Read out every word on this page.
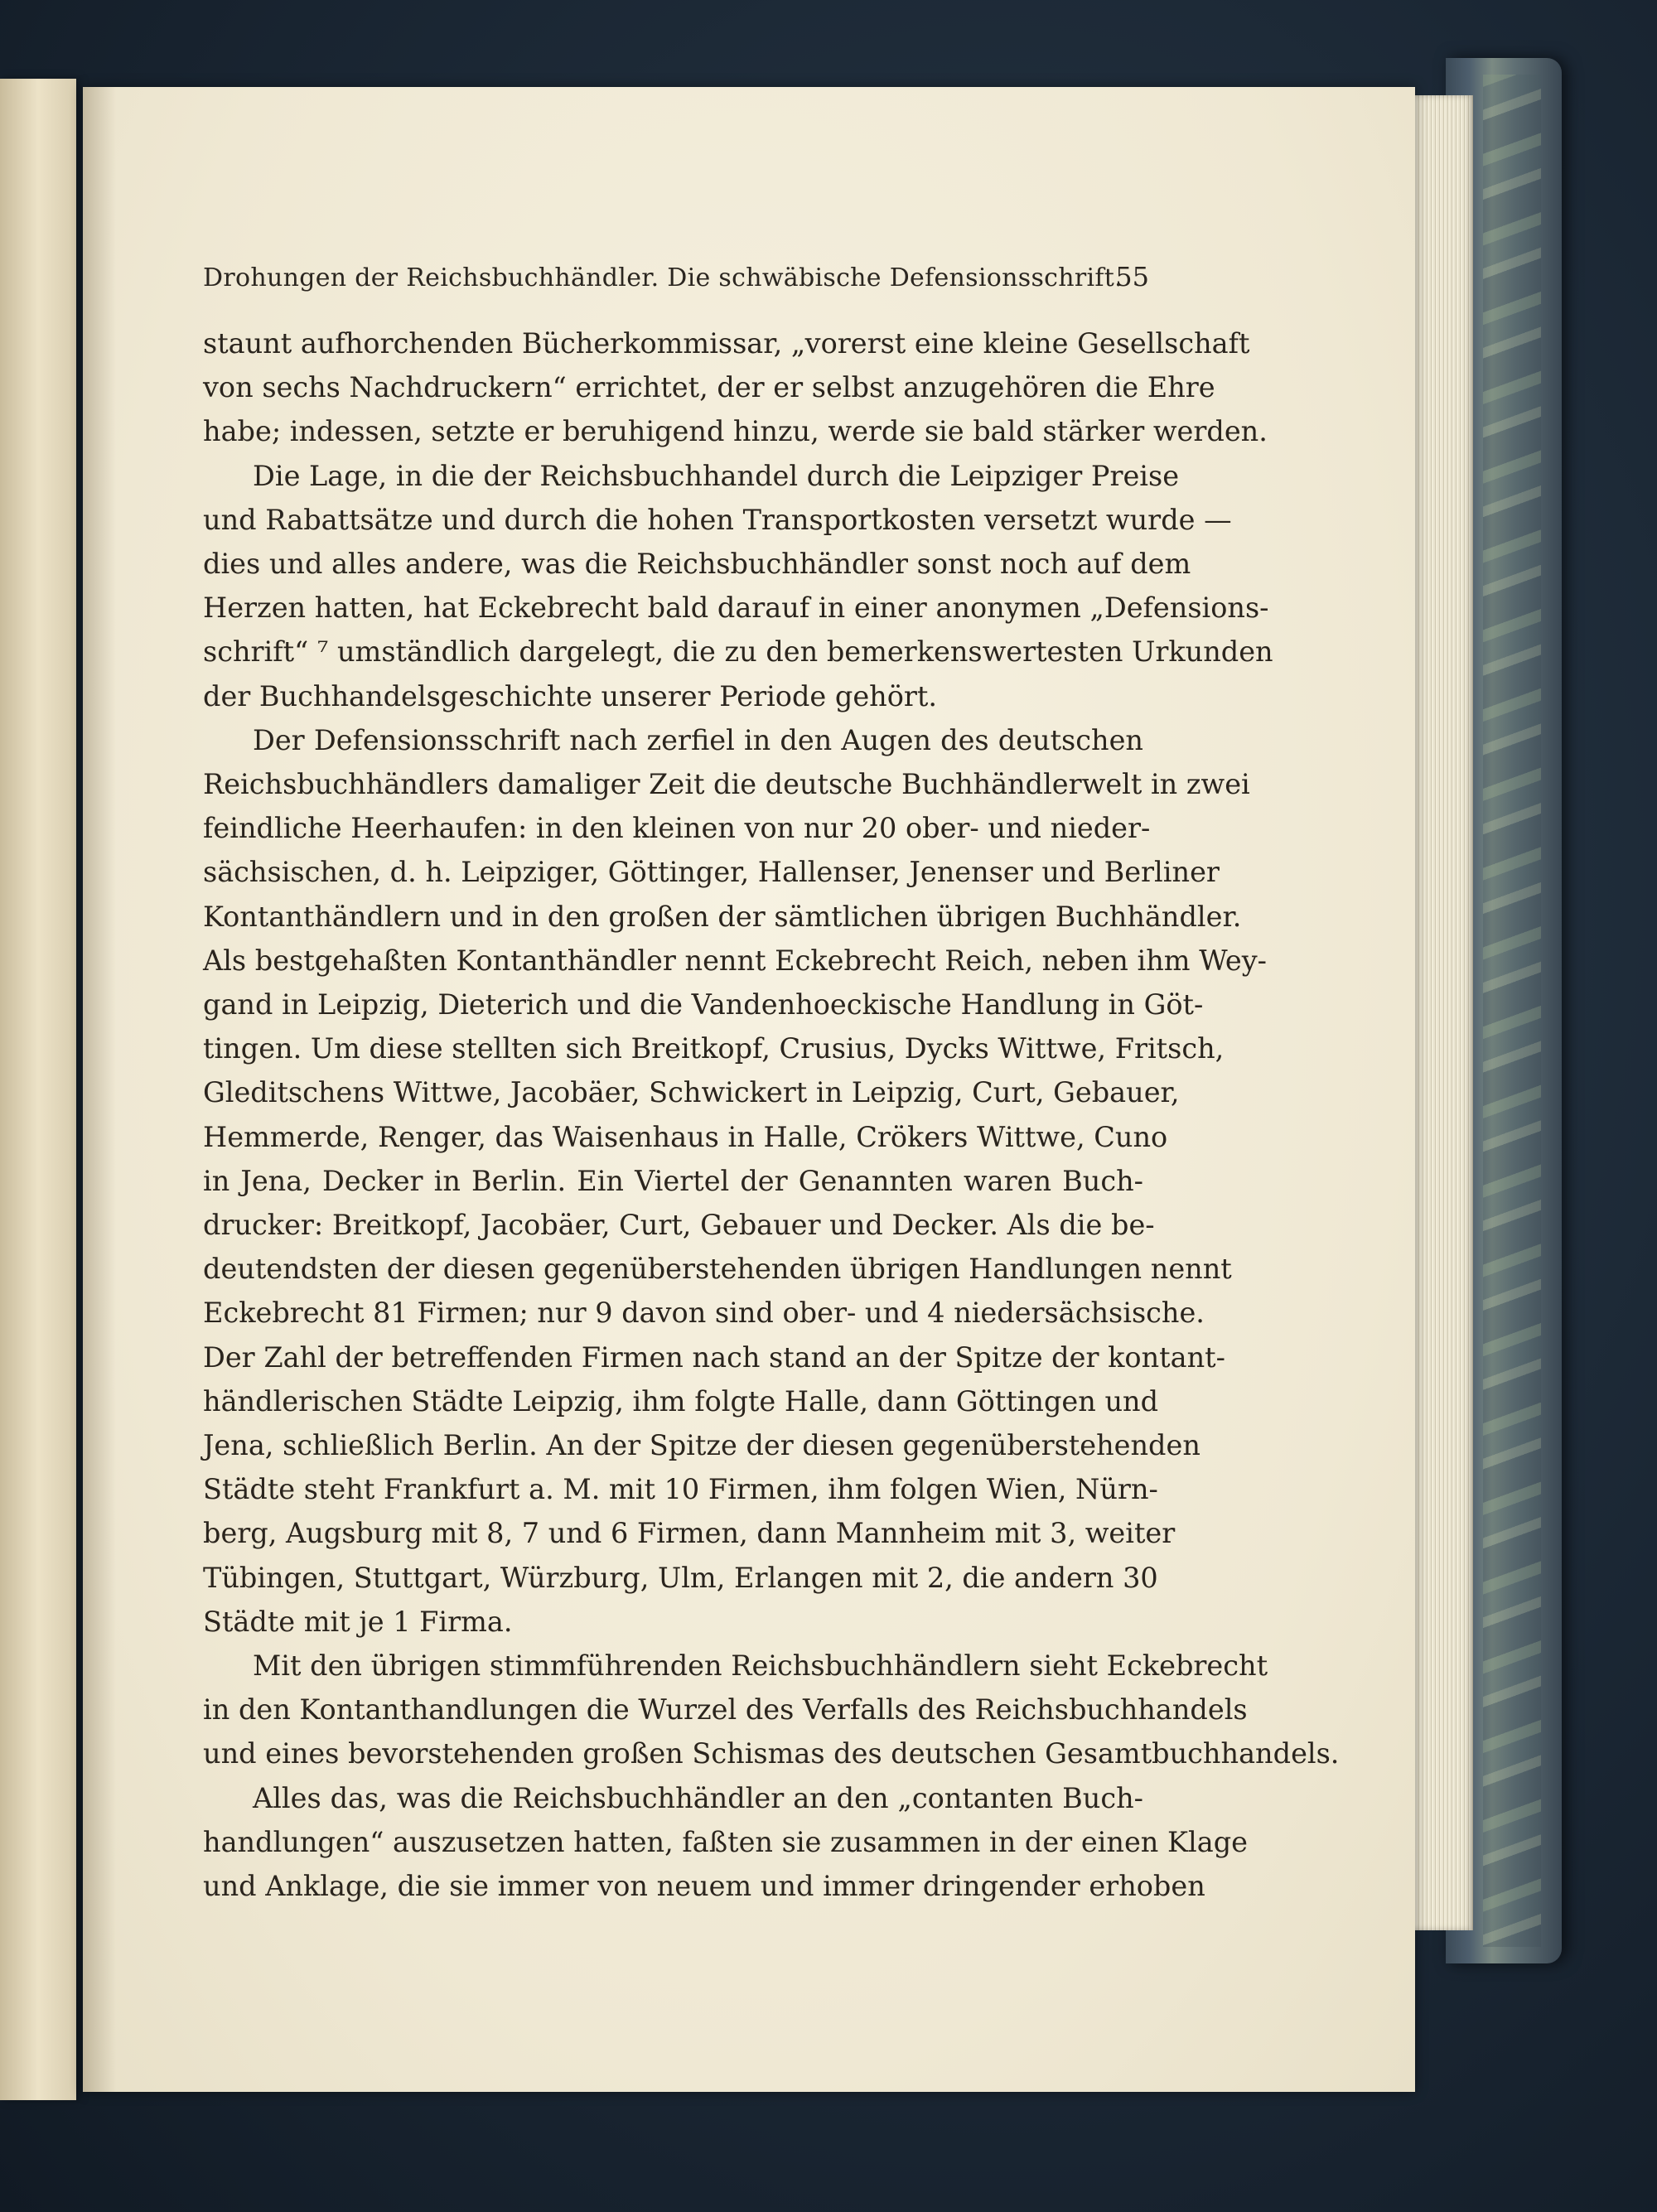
Drohungen der Reichsbuchhändler. Die schwäbische Defensionsschrift.
55
staunt aufhorchenden Bücherkommissar, „vorerst eine kleine Gesellschaft
von sechs Nachdruckern“ errichtet, der er selbst anzugehören die Ehre
habe; indessen, setzte er beruhigend hinzu, werde sie bald stärker werden.
Die Lage, in die der Reichsbuchhandel durch die Leipziger Preise
und Rabattsätze und durch die hohen Transportkosten versetzt wurde —
dies und alles andere, was die Reichsbuchhändler sonst noch auf dem
Herzen hatten, hat Eckebrecht bald darauf in einer anonymen „Defensions-
schrift“ ⁷ umständlich dargelegt, die zu den bemerkenswertesten Urkunden
der Buchhandelsgeschichte unserer Periode gehört.
Der Defensionsschrift nach zerfiel in den Augen des deutschen
Reichsbuchhändlers damaliger Zeit die deutsche Buchhändlerwelt in zwei
feindliche Heerhaufen: in den kleinen von nur 20 ober- und nieder-
sächsischen, d. h. Leipziger, Göttinger, Hallenser, Jenenser und Berliner
Kontanthändlern und in den großen der sämtlichen übrigen Buchhändler.
Als bestgehaßten Kontanthändler nennt Eckebrecht Reich, neben ihm Wey-
gand in Leipzig, Dieterich und die Vandenhoeckische Handlung in Göt-
tingen. Um diese stellten sich Breitkopf, Crusius, Dycks Wittwe, Fritsch,
Gleditschens Wittwe, Jacobäer, Schwickert in Leipzig, Curt, Gebauer,
Hemmerde, Renger, das Waisenhaus in Halle, Crökers Wittwe, Cuno
in Jena, Decker in Berlin. Ein Viertel der Genannten waren Buch-
drucker: Breitkopf, Jacobäer, Curt, Gebauer und Decker. Als die be-
deutendsten der diesen gegenüberstehenden übrigen Handlungen nennt
Eckebrecht 81 Firmen; nur 9 davon sind ober- und 4 niedersächsische.
Der Zahl der betreffenden Firmen nach stand an der Spitze der kontant-
händlerischen Städte Leipzig, ihm folgte Halle, dann Göttingen und
Jena, schließlich Berlin. An der Spitze der diesen gegenüberstehenden
Städte steht Frankfurt a. M. mit 10 Firmen, ihm folgen Wien, Nürn-
berg, Augsburg mit 8, 7 und 6 Firmen, dann Mannheim mit 3, weiter
Tübingen, Stuttgart, Würzburg, Ulm, Erlangen mit 2, die andern 30
Städte mit je 1 Firma.
Mit den übrigen stimmführenden Reichsbuchhändlern sieht Eckebrecht
in den Kontanthandlungen die Wurzel des Verfalls des Reichsbuchhandels
und eines bevorstehenden großen Schismas des deutschen Gesamtbuchhandels.
Alles das, was die Reichsbuchhändler an den „contanten Buch-
handlungen“ auszusetzen hatten, faßten sie zusammen in der einen Klage
und Anklage, die sie immer von neuem und immer dringender erhoben
